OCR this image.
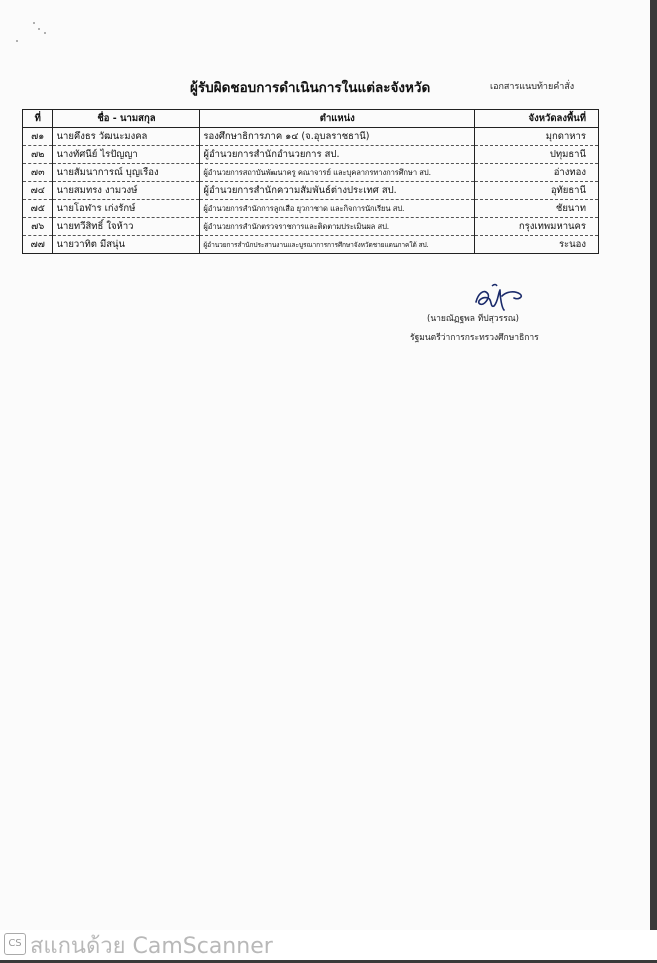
ผู้รับผิดชอบการดำเนินการในแต่ละจังหวัด	เอกสารแนบท้ายคำสั่ง
ที่	ชื่อ - นามสกุล	ตำแหน่ง	จังหวัดลงพื้นที่
๗๑	นายคึงธร วัฒนะมงคล	รองศึกษาธิการภาค ๑๔ (จ.อุบลราชธานี)	มุกดาหาร
๗๒	นางทัศนีย์ ไรปัญญา	ผู้อำนวยการสำนักอำนวยการ สป.	ปทุมธานี
๗๓	นายสัมนาการณ์ บุญเรือง	ผู้อำนวยการสถาบันพัฒนาครู คณาจารย์ และบุคลากรทางการศึกษา สป.	อ่างทอง
๗๔	นายสมทรง งามวงษ์	ผู้อำนวยการสำนักความสัมพันธ์ต่างประเทศ สป.	อุทัยธานี
๗๕	นายโอฬาร เก่งรักษ์	ผู้อำนวยการสำนักการลูกเสือ ยุวกาชาด และกิจการนักเรียน สป.	ชัยนาท
๗๖	นายทวีสิทธิ์ ใจห้าว	ผู้อำนวยการสำนักตรวจราชการและติดตามประเมินผล สป.	กรุงเทพมหานคร
๗๗	นายวาทิต มีสนุ่น	ผู้อำนวยการสำนักประสานงานและบูรณาการการศึกษาจังหวัดชายแดนภาคใต้ สป.	ระนอง
(นายณัฏฐพล ทีปสุวรรณ)
รัฐมนตรีว่าการกระทรวงศึกษาธิการ
CS สแกนด้วย CamScanner
